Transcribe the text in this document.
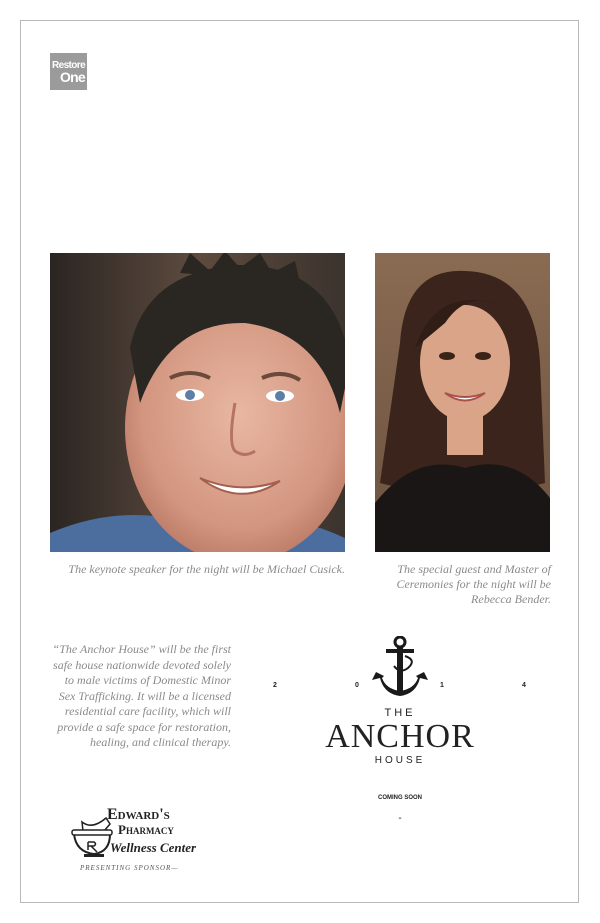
Restore
One
The keynote speaker for the night will be Michael Cusick.	The special guest and Master of Ceremonies for the night will be Rebecca Bender.
“The Anchor House” will be the first safe house nationwide devoted solely to male victims of Domestic Minor Sex Trafficking. It will be a licensed residential care facility, which will provide a safe space for restoration, healing, and clinical therapy.
2	0	1	4
THE
ANCHOR
HOUSE
COMING SOON
-
Edward's
Pharmacy
Wellness Center
PRESENTING SPONSOR—
